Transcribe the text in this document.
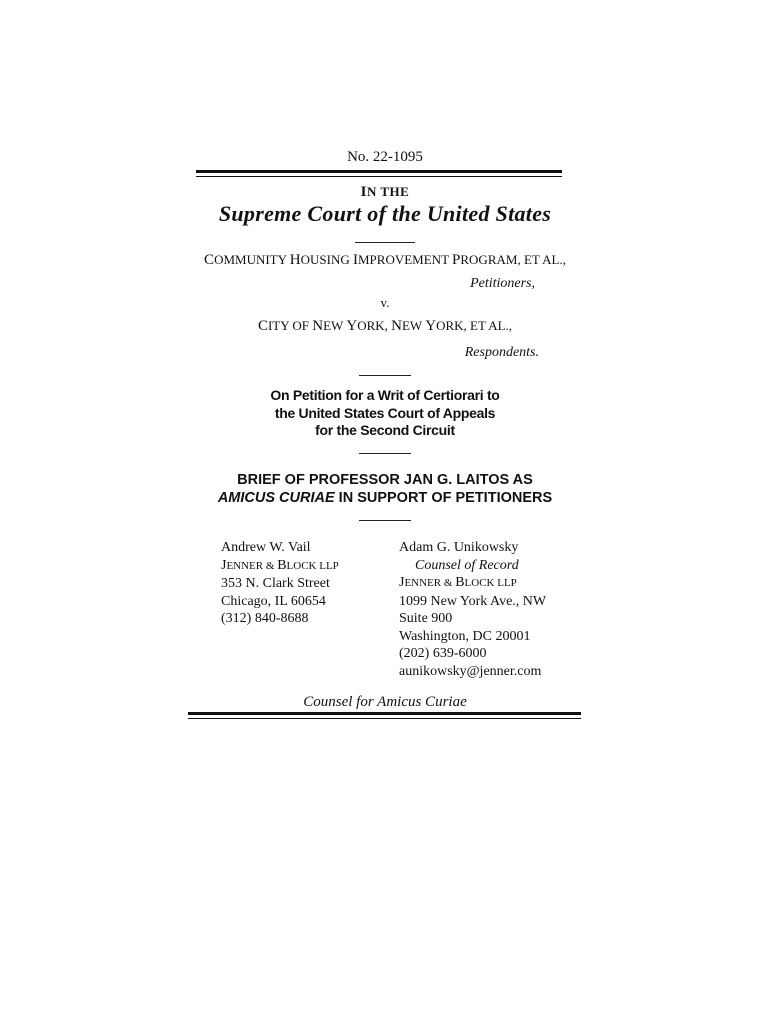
No. 22-1095
IN THE
Supreme Court of the United States
COMMUNITY HOUSING IMPROVEMENT PROGRAM, ET AL.,
Petitioners,
v.
CITY OF NEW YORK, NEW YORK, ET AL.,
Respondents.
On Petition for a Writ of Certiorari to
the United States Court of Appeals
for the Second Circuit
BRIEF OF PROFESSOR JAN G. LAITOS AS
AMICUS CURIAE IN SUPPORT OF PETITIONERS
Andrew W. Vail
JENNER & BLOCK LLP
353 N. Clark Street
Chicago, IL 60654
(312) 840-8688
Adam G. Unikowsky
Counsel of Record
JENNER & BLOCK LLP
1099 New York Ave., NW
Suite 900
Washington, DC 20001
(202) 639-6000
aunikowsky@jenner.com
Counsel for Amicus Curiae
